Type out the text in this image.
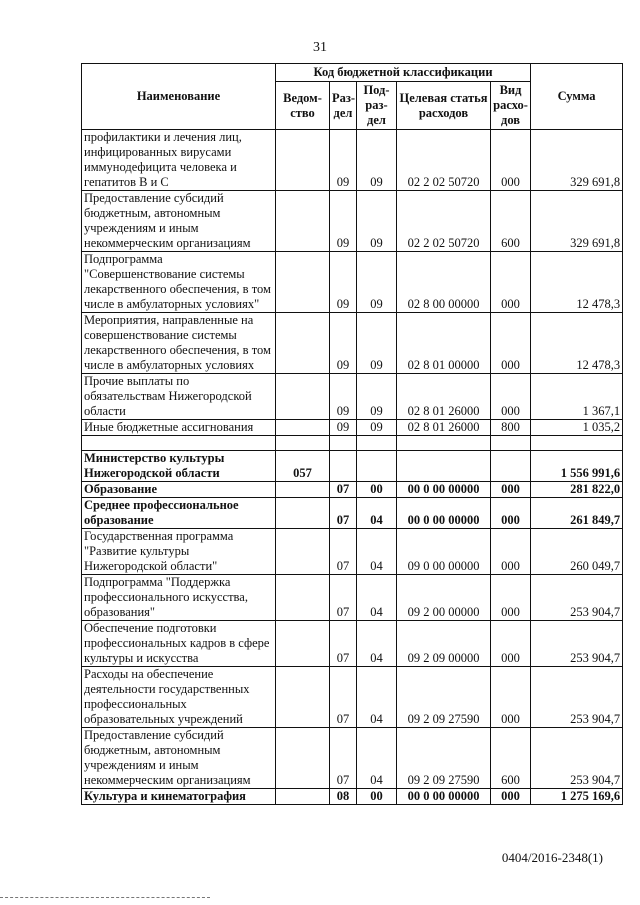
31
Наименование	Код бюджетной классификации					Сумма
	Ведом-ство	Раз-дел	Под-раз-дел	Целевая статья расходов	Вид расхо-дов	
профилактики и лечения лиц, инфицированных вирусами иммунодефицита человека и гепатитов В и С		09	09	02 2 02 50720	000	329 691,8
Предоставление субсидий бюджетным, автономным учреждениям и иным некоммерческим организациям		09	09	02 2 02 50720	600	329 691,8
Подпрограмма "Совершенствование системы лекарственного обеспечения, в том числе в амбулаторных условиях"		09	09	02 8 00 00000	000	12 478,3
Мероприятия, направленные на совершенствование системы лекарственного обеспечения, в том числе в амбулаторных условиях		09	09	02 8 01 00000	000	12 478,3
Прочие выплаты по обязательствам Нижегородской области		09	09	02 8 01 26000	000	1 367,1
Иные бюджетные ассигнования		09	09	02 8 01 26000	800	1 035,2

Министерство культуры Нижегородской области	057					1 556 991,6
Образование		07	00	00 0 00 00000	000	281 822,0
Среднее профессиональное образование		07	04	00 0 00 00000	000	261 849,7
Государственная программа "Развитие культуры Нижегородской области"		07	04	09 0 00 00000	000	260 049,7
Подпрограмма "Поддержка профессионального искусства, образования"		07	04	09 2 00 00000	000	253 904,7
Обеспечение подготовки профессиональных кадров в сфере культуры и искусства		07	04	09 2 09 00000	000	253 904,7
Расходы на обеспечение деятельности государственных профессиональных образовательных учреждений		07	04	09 2 09 27590	000	253 904,7
Предоставление субсидий бюджетным, автономным учреждениям и иным некоммерческим организациям		07	04	09 2 09 27590	600	253 904,7
Культура и кинематография		08	00	00 0 00 00000	000	1 275 169,6
0404/2016-2348(1)
